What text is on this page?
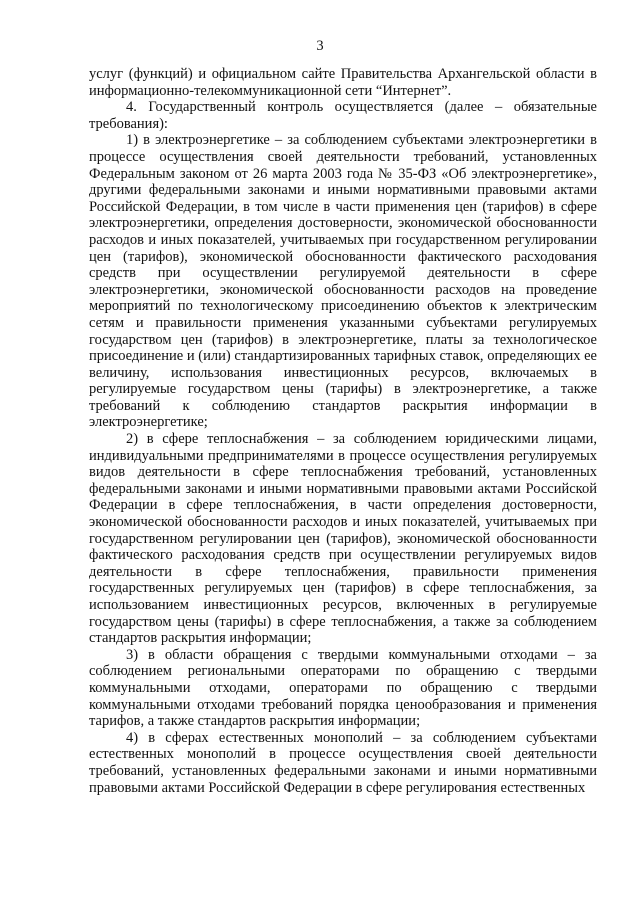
3

услуг (функций) и официальном сайте Правительства Архангельской области в информационно-телекоммуникационной сети “Интернет”.

4. Государственный контроль осуществляется (далее – обязательные требования):

1) в электроэнергетике – за соблюдением субъектами электроэнергетики в процессе осуществления своей деятельности требований, установленных Федеральным законом от 26 марта 2003 года № 35-ФЗ «Об электроэнергетике», другими федеральными законами и иными нормативными правовыми актами Российской Федерации, в том числе в части применения цен (тарифов) в сфере электроэнергетики, определения достоверности, экономической обоснованности расходов и иных показателей, учитываемых при государственном регулировании цен (тарифов), экономической обоснованности фактического расходования средств при осуществлении регулируемой деятельности в сфере электроэнергетики, экономической обоснованности расходов на проведение мероприятий по технологическому присоединению объектов к электрическим сетям и правильности применения указанными субъектами регулируемых государством цен (тарифов) в электроэнергетике, платы за технологическое присоединение и (или) стандартизированных тарифных ставок, определяющих ее величину, использования инвестиционных ресурсов, включаемых в регулируемые государством цены (тарифы) в электроэнергетике, а также требований к соблюдению стандартов раскрытия информации в электроэнергетике;

2) в сфере теплоснабжения – за соблюдением юридическими лицами, индивидуальными предпринимателями в процессе осуществления регулируемых видов деятельности в сфере теплоснабжения требований, установленных федеральными законами и иными нормативными правовыми актами Российской Федерации в сфере теплоснабжения, в части определения достоверности, экономической обоснованности расходов и иных показателей, учитываемых при государственном регулировании цен (тарифов), экономической обоснованности фактического расходования средств при осуществлении регулируемых видов деятельности в сфере теплоснабжения, правильности применения государственных регулируемых цен (тарифов) в сфере теплоснабжения, за использованием инвестиционных ресурсов, включенных в регулируемые государством цены (тарифы) в сфере теплоснабжения, а также за соблюдением стандартов раскрытия информации;

3) в области обращения с твердыми коммунальными отходами – за соблюдением региональными операторами по обращению с твердыми коммунальными отходами, операторами по обращению с твердыми коммунальными отходами требований порядка ценообразования и применения тарифов, а также стандартов раскрытия информации;

4) в сферах естественных монополий – за соблюдением субъектами естественных монополий в процессе осуществления своей деятельности требований, установленных федеральными законами и иными нормативными правовыми актами Российской Федерации в сфере регулирования естественных
